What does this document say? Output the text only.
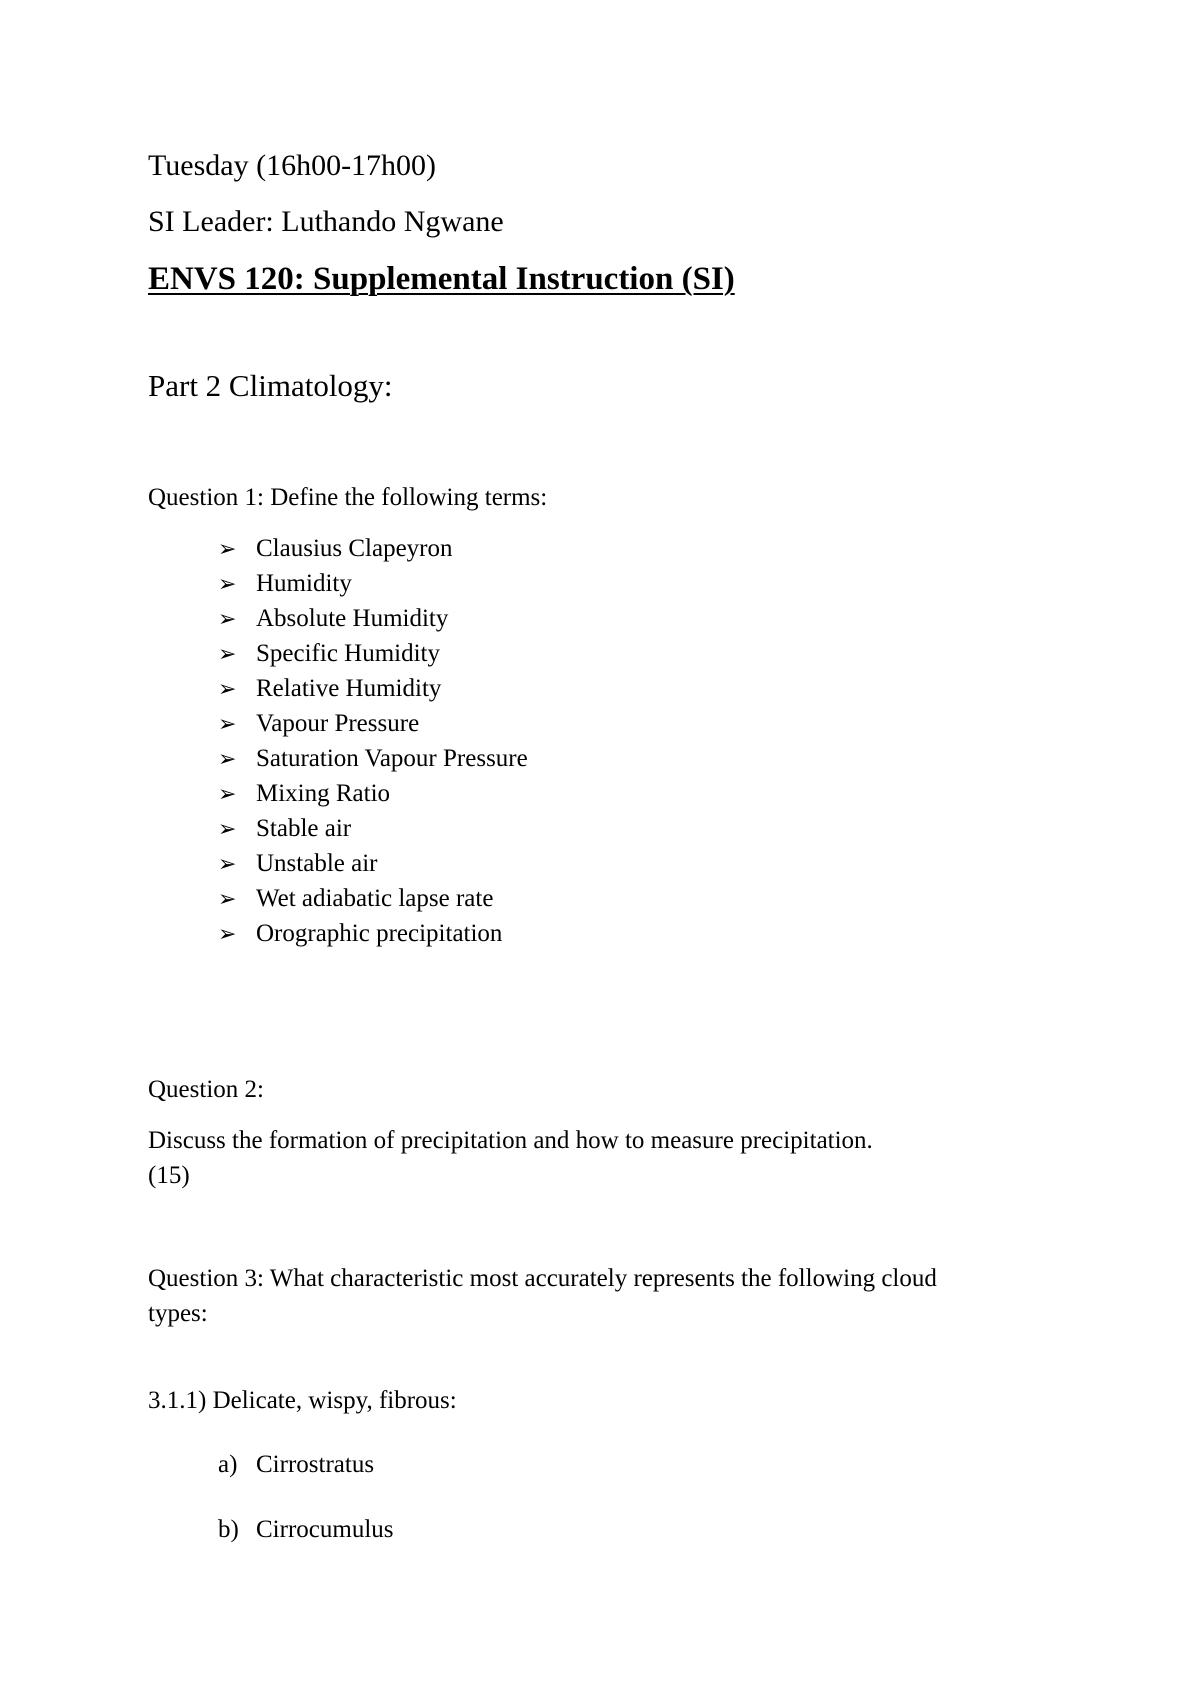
Tuesday (16h00-17h00)
SI Leader: Luthando Ngwane
ENVS 120: Supplemental Instruction (SI)
Part 2 Climatology:
Question 1: Define the following terms:
➢ Clausius Clapeyron
➢ Humidity
➢ Absolute Humidity
➢ Specific Humidity
➢ Relative Humidity
➢ Vapour Pressure
➢ Saturation Vapour Pressure
➢ Mixing Ratio
➢ Stable air
➢ Unstable air
➢ Wet adiabatic lapse rate
➢ Orographic precipitation
Question 2:
Discuss the formation of precipitation and how to measure precipitation.
(15)
Question 3: What characteristic most accurately represents the following cloud
types:
3.1.1) Delicate, wispy, fibrous:
a) Cirrostratus
b) Cirrocumulus
